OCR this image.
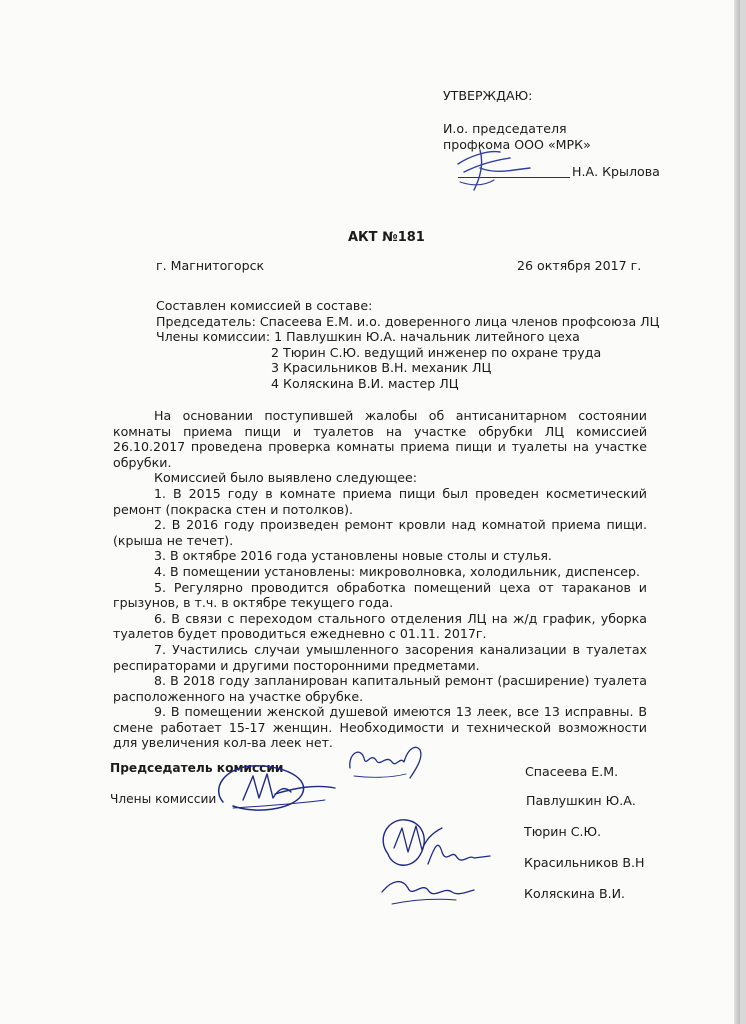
УТВЕРЖДАЮ:
И.о. председателя
профкома ООО «МРК»
Н.А. Крылова
АКТ №181
г. Магнитогорск	26 октября 2017 г.
Составлен комиссией в составе:
Председатель: Спасеева Е.М. и.о. доверенного лица членов профсоюза ЛЦ
Члены комиссии: 1 Павлушкин Ю.А. начальник литейного цеха
2 Тюрин С.Ю. ведущий инженер по охране труда
3 Красильников В.Н. механик ЛЦ
4 Коляскина В.И. мастер ЛЦ

На основании поступившей жалобы об антисанитарном состоянии комнаты приема пищи и туалетов на участке обрубки ЛЦ комиссией 26.10.2017 проведена проверка комнаты приема пищи и туалеты на участке обрубки.

Комиссией было выявлено следующее:

1. В 2015 году в комнате приема пищи был проведен косметический ремонт (покраска стен и потолков).

2. В 2016 году произведен ремонт кровли над комнатой приема пищи. (крыша не течет).

3. В октябре 2016 года установлены новые столы и стулья.

4. В помещении установлены: микроволновка, холодильник, диспенсер.

5. Регулярно проводится обработка помещений цеха от тараканов и грызунов, в т.ч. в октябре текущего года.

6. В связи с переходом стального отделения ЛЦ на ж/д график, уборка туалетов будет проводиться ежедневно с 01.11. 2017г.

7. Участились случаи умышленного засорения канализации в туалетах респираторами и другими посторонними предметами.

8. В 2018 году запланирован капитальный ремонт (расширение) туалета расположенного на участке обрубке.

9. В помещении женской душевой имеются 13 леек, все 13 исправны. В смене работает 15-17 женщин. Необходимости и технической возможности для увеличения кол-ва леек нет.

Председатель комиссии
Члены комиссии
Спасеева Е.М.
Павлушкин Ю.А.
Тюрин С.Ю.
Красильников В.Н
Коляскина В.И.
